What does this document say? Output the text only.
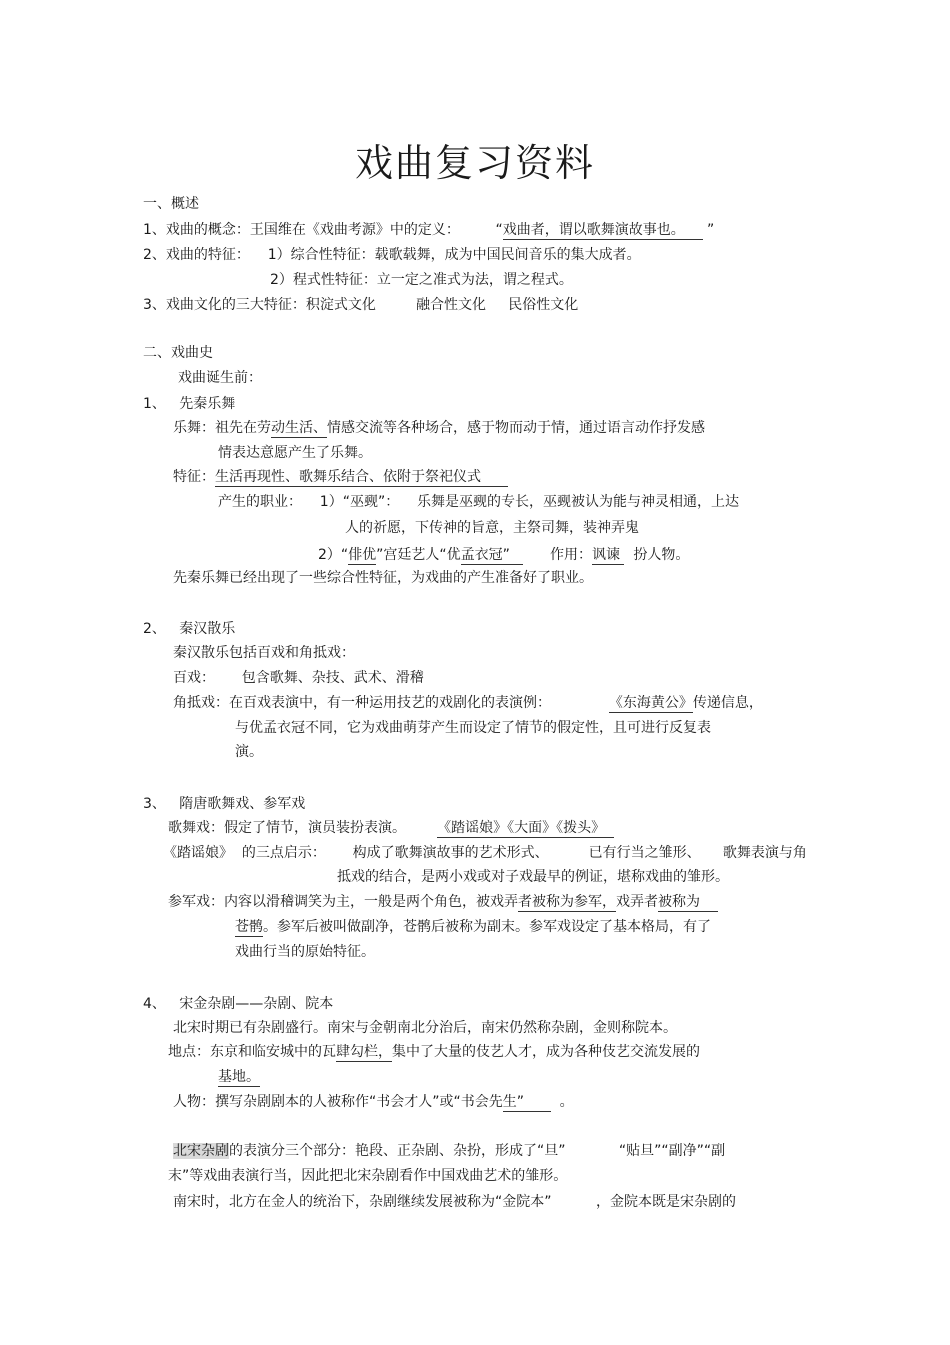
戏曲复习资料
一、概述
1、戏曲的概念：王国维在《戏曲考源》中的定义：        “戏曲者，谓以歌舞演故事也。     ”
2、戏曲的特征：    1）综合性特征：载歌载舞，成为中国民间音乐的集大成者。
2）程式性特征：立一定之准式为法，谓之程式。
3、戏曲文化的三大特征：积淀式文化         融合性文化     民俗性文化
二、戏曲史
戏曲诞生前：
1、   先秦乐舞
乐舞：祖先在劳动生活、情感交流等各种场合，感于物而动于情，通过语言动作抒发感
情表达意愿产生了乐舞。
特征：生活再现性、歌舞乐结合、依附于祭祀仪式
产生的职业：    1）“巫觋”：    乐舞是巫觋的专长，巫觋被认为能与神灵相通，上达
人的祈愿，下传神的旨意，主祭司舞，装神弄鬼
2）“俳优”宫廷艺人“优孟衣冠”         作用：讽谏   扮人物。
先秦乐舞已经出现了一些综合性特征，为戏曲的产生准备好了职业。
2、   秦汉散乐
秦汉散乐包括百戏和角抵戏：
百戏：      包含歌舞、杂技、武术、滑稽
角抵戏：在百戏表演中，有一种运用技艺的戏剧化的表演例：             《东海黄公》传递信息，
与优孟衣冠不同，它为戏曲萌芽产生而设定了情节的假定性，且可进行反复表
演。
3、   隋唐歌舞戏、参军戏
歌舞戏：假定了情节，演员装扮表演。       《踏谣娘》《大面》《拨头》
《踏谣娘》  的三点启示：      构成了歌舞演故事的艺术形式、         已有行当之雏形、     歌舞表演与角
抵戏的结合，是两小戏或对子戏最早的例证，堪称戏曲的雏形。
参军戏：内容以滑稽调笑为主，一般是两个角色，被戏弄者被称为参军，戏弄者被称为
苍鹘。参军后被叫做副净，苍鹘后被称为副末。参军戏设定了基本格局，有了
戏曲行当的原始特征。
4、   宋金杂剧——杂剧、院本
北宋时期已有杂剧盛行。南宋与金朝南北分治后，南宋仍然称杂剧，金则称院本。
地点：东京和临安城中的瓦肆勾栏，集中了大量的伎艺人才，成为各种伎艺交流发展的
基地。
人物：撰写杂剧剧本的人被称作“书会才人”或“书会先生”        。
北宋杂剧的表演分三个部分：艳段、正杂剧、杂扮，形成了“旦”            “贴旦”“副净”“副
末”等戏曲表演行当，因此把北宋杂剧看作中国戏曲艺术的雏形。
南宋时，北方在金人的统治下，杂剧继续发展被称为“金院本”          ，金院本既是宋杂剧的
